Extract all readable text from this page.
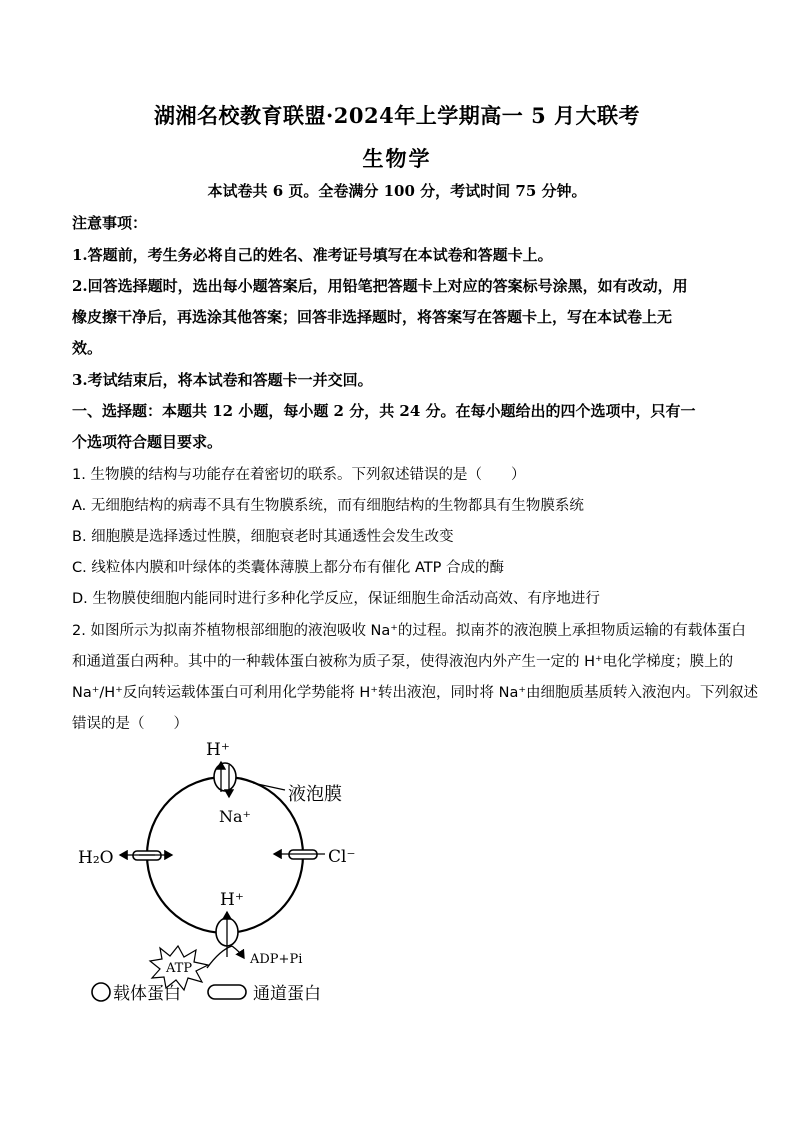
湖湘名校教育联盟·2024年上学期高一 5 月大联考
生物学
本试卷共 6 页。全卷满分 100 分，考试时间 75 分钟。
注意事项：
1.答题前，考生务必将自己的姓名、准考证号填写在本试卷和答题卡上。
2.回答选择题时，选出每小题答案后，用铅笔把答题卡上对应的答案标号涂黑，如有改动，用
橡皮擦干净后，再选涂其他答案；回答非选择题时，将答案写在答题卡上，写在本试卷上无
效。
3.考试结束后，将本试卷和答题卡一并交回。
一、选择题：本题共 12 小题，每小题 2 分，共 24 分。在每小题给出的四个选项中，只有一
个选项符合题目要求。
1. 生物膜的结构与功能存在着密切的联系。下列叙述错误的是（　　）
A. 无细胞结构的病毒不具有生物膜系统，而有细胞结构的生物都具有生物膜系统
B. 细胞膜是选择透过性膜，细胞衰老时其通透性会发生改变
C. 线粒体内膜和叶绿体的类囊体薄膜上都分布有催化 ATP 合成的酶
D. 生物膜使细胞内能同时进行多种化学反应，保证细胞生命活动高效、有序地进行
2. 如图所示为拟南芥植物根部细胞的液泡吸收 Na⁺的过程。拟南芥的液泡膜上承担物质运输的有载体蛋白
和通道蛋白两种。其中的一种载体蛋白被称为质子泵，使得液泡内外产生一定的 H⁺电化学梯度；膜上的
Na⁺/H⁺反向转运载体蛋白可利用化学势能将 H⁺转出液泡，同时将 Na⁺由细胞质基质转入液泡内。下列叙述
错误的是（　　）
液泡膜
H⁺
Na⁺
H₂O	Cl⁻
H⁺
ADP+Pi
ATP
载体蛋白	通道蛋白
